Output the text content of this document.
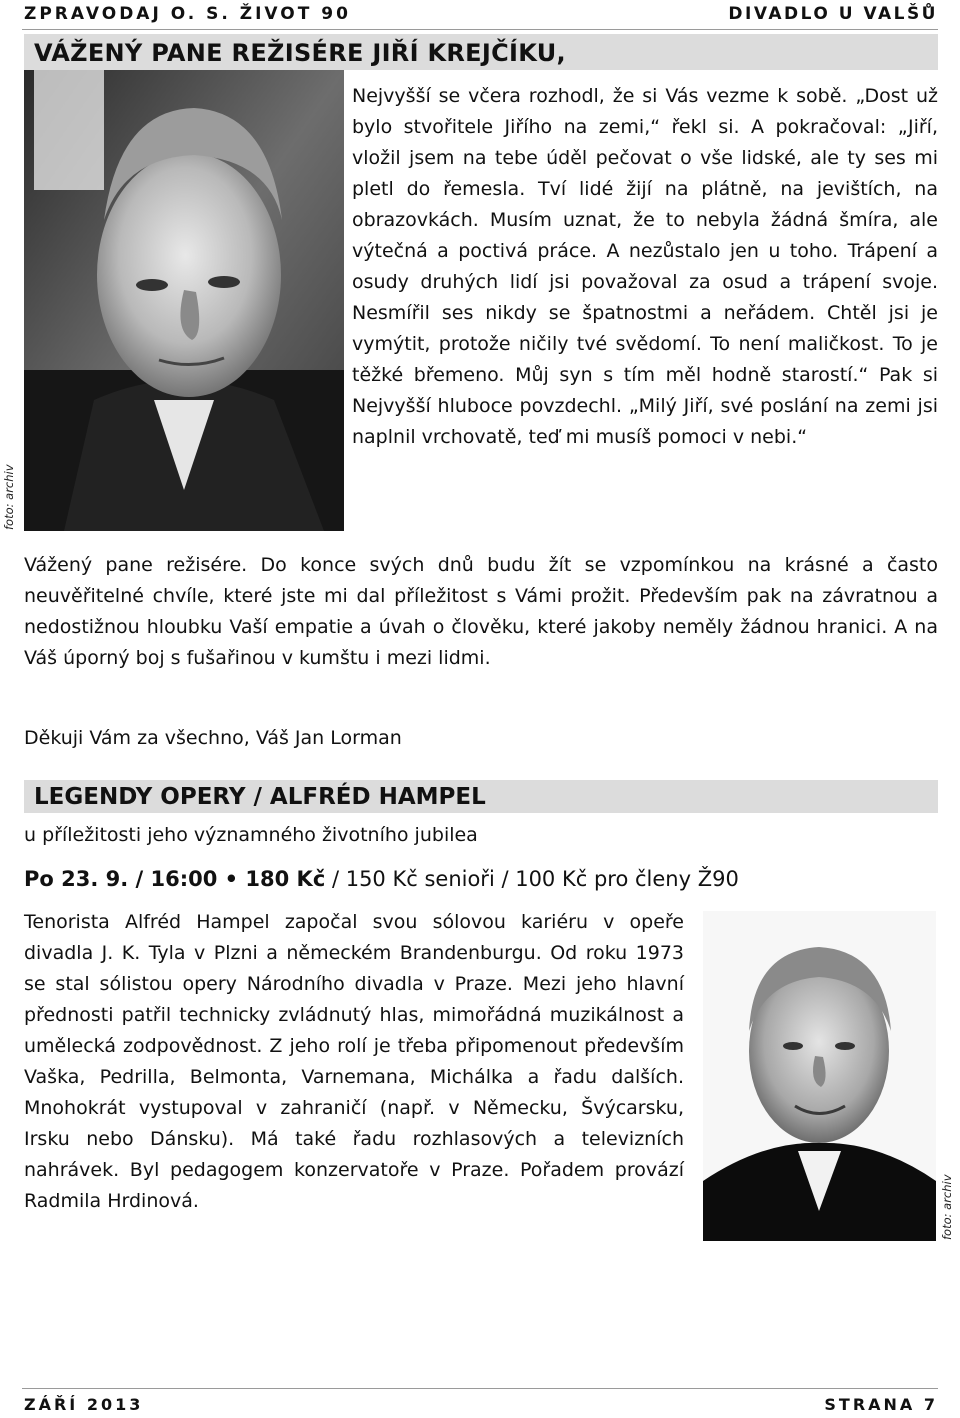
ZPRAVODAJ O. S. ŽIVOT 90	DIVADLO U VALŠŮ
VÁŽENÝ PANE REŽISÉRE JIŘÍ KREJČÍKU,
foto: archiv
Nejvyšší se včera rozhodl, že si Vás vezme k sobě. „Dost už bylo stvořitele Jiřího na zemi,“ řekl si. A pokračoval: „Jiří, vložil jsem na tebe úděl pečovat o vše lidské, ale ty ses mi pletl do řemesla. Tví lidé žijí na plátně, na jevištích, na obrazovkách. Musím uznat, že to nebyla žádná šmíra, ale výtečná a poctivá práce. A nezůstalo jen u toho. Trápení a osudy druhých lidí jsi považoval za osud a trápení svoje. Nesmířil ses nikdy se špatnostmi a neřádem. Chtěl jsi je vymýtit, protože ničily tvé svědomí. To není maličkost. To je těžké břemeno. Můj syn s tím měl hodně starostí.“ Pak si Nejvyšší hluboce povzdechl. „Milý Jiří, své poslání na zemi jsi naplnil vrchovatě, teď mi musíš pomoci v nebi.“
Vážený pane režisére. Do konce svých dnů budu žít se vzpomínkou na krásné a často neuvěřitelné chvíle, které jste mi dal příležitost s Vámi prožit. Především pak na závratnou a nedostižnou hloubku Vaší empatie a úvah o člověku, které jakoby neměly žádnou hranici. A na Váš úporný boj s fušařinou v kumštu i mezi lidmi.
Děkuji Vám za všechno, Váš Jan Lorman
LEGENDY OPERY / ALFRÉD HAMPEL
u příležitosti jeho významného životního jubilea
Po 23. 9. / 16:00 • 180 Kč / 150 Kč senioři / 100 Kč pro členy Ž90
Tenorista Alfréd Hampel započal svou sólovou kariéru v opeře divadla J. K. Tyla v Plzni a německém Brandenburgu. Od roku 1973 se stal sólistou opery Národního divadla v Praze. Mezi jeho hlavní přednosti patřil technicky zvládnutý hlas, mimořádná muzikálnost a umělecká zodpovědnost. Z jeho rolí je třeba připomenout především Vaška, Pedrilla, Belmonta, Varnemana, Michálka a řadu dalších. Mnohokrát vystupoval v zahraničí (např. v Německu, Švýcarsku, Irsku nebo Dánsku). Má také řadu rozhlasových a televizních nahrávek. Byl pedagogem konzervatoře v Praze. Pořadem provází Radmila Hrdinová.	foto: archiv
ZÁŘÍ 2013	STRANA 7
